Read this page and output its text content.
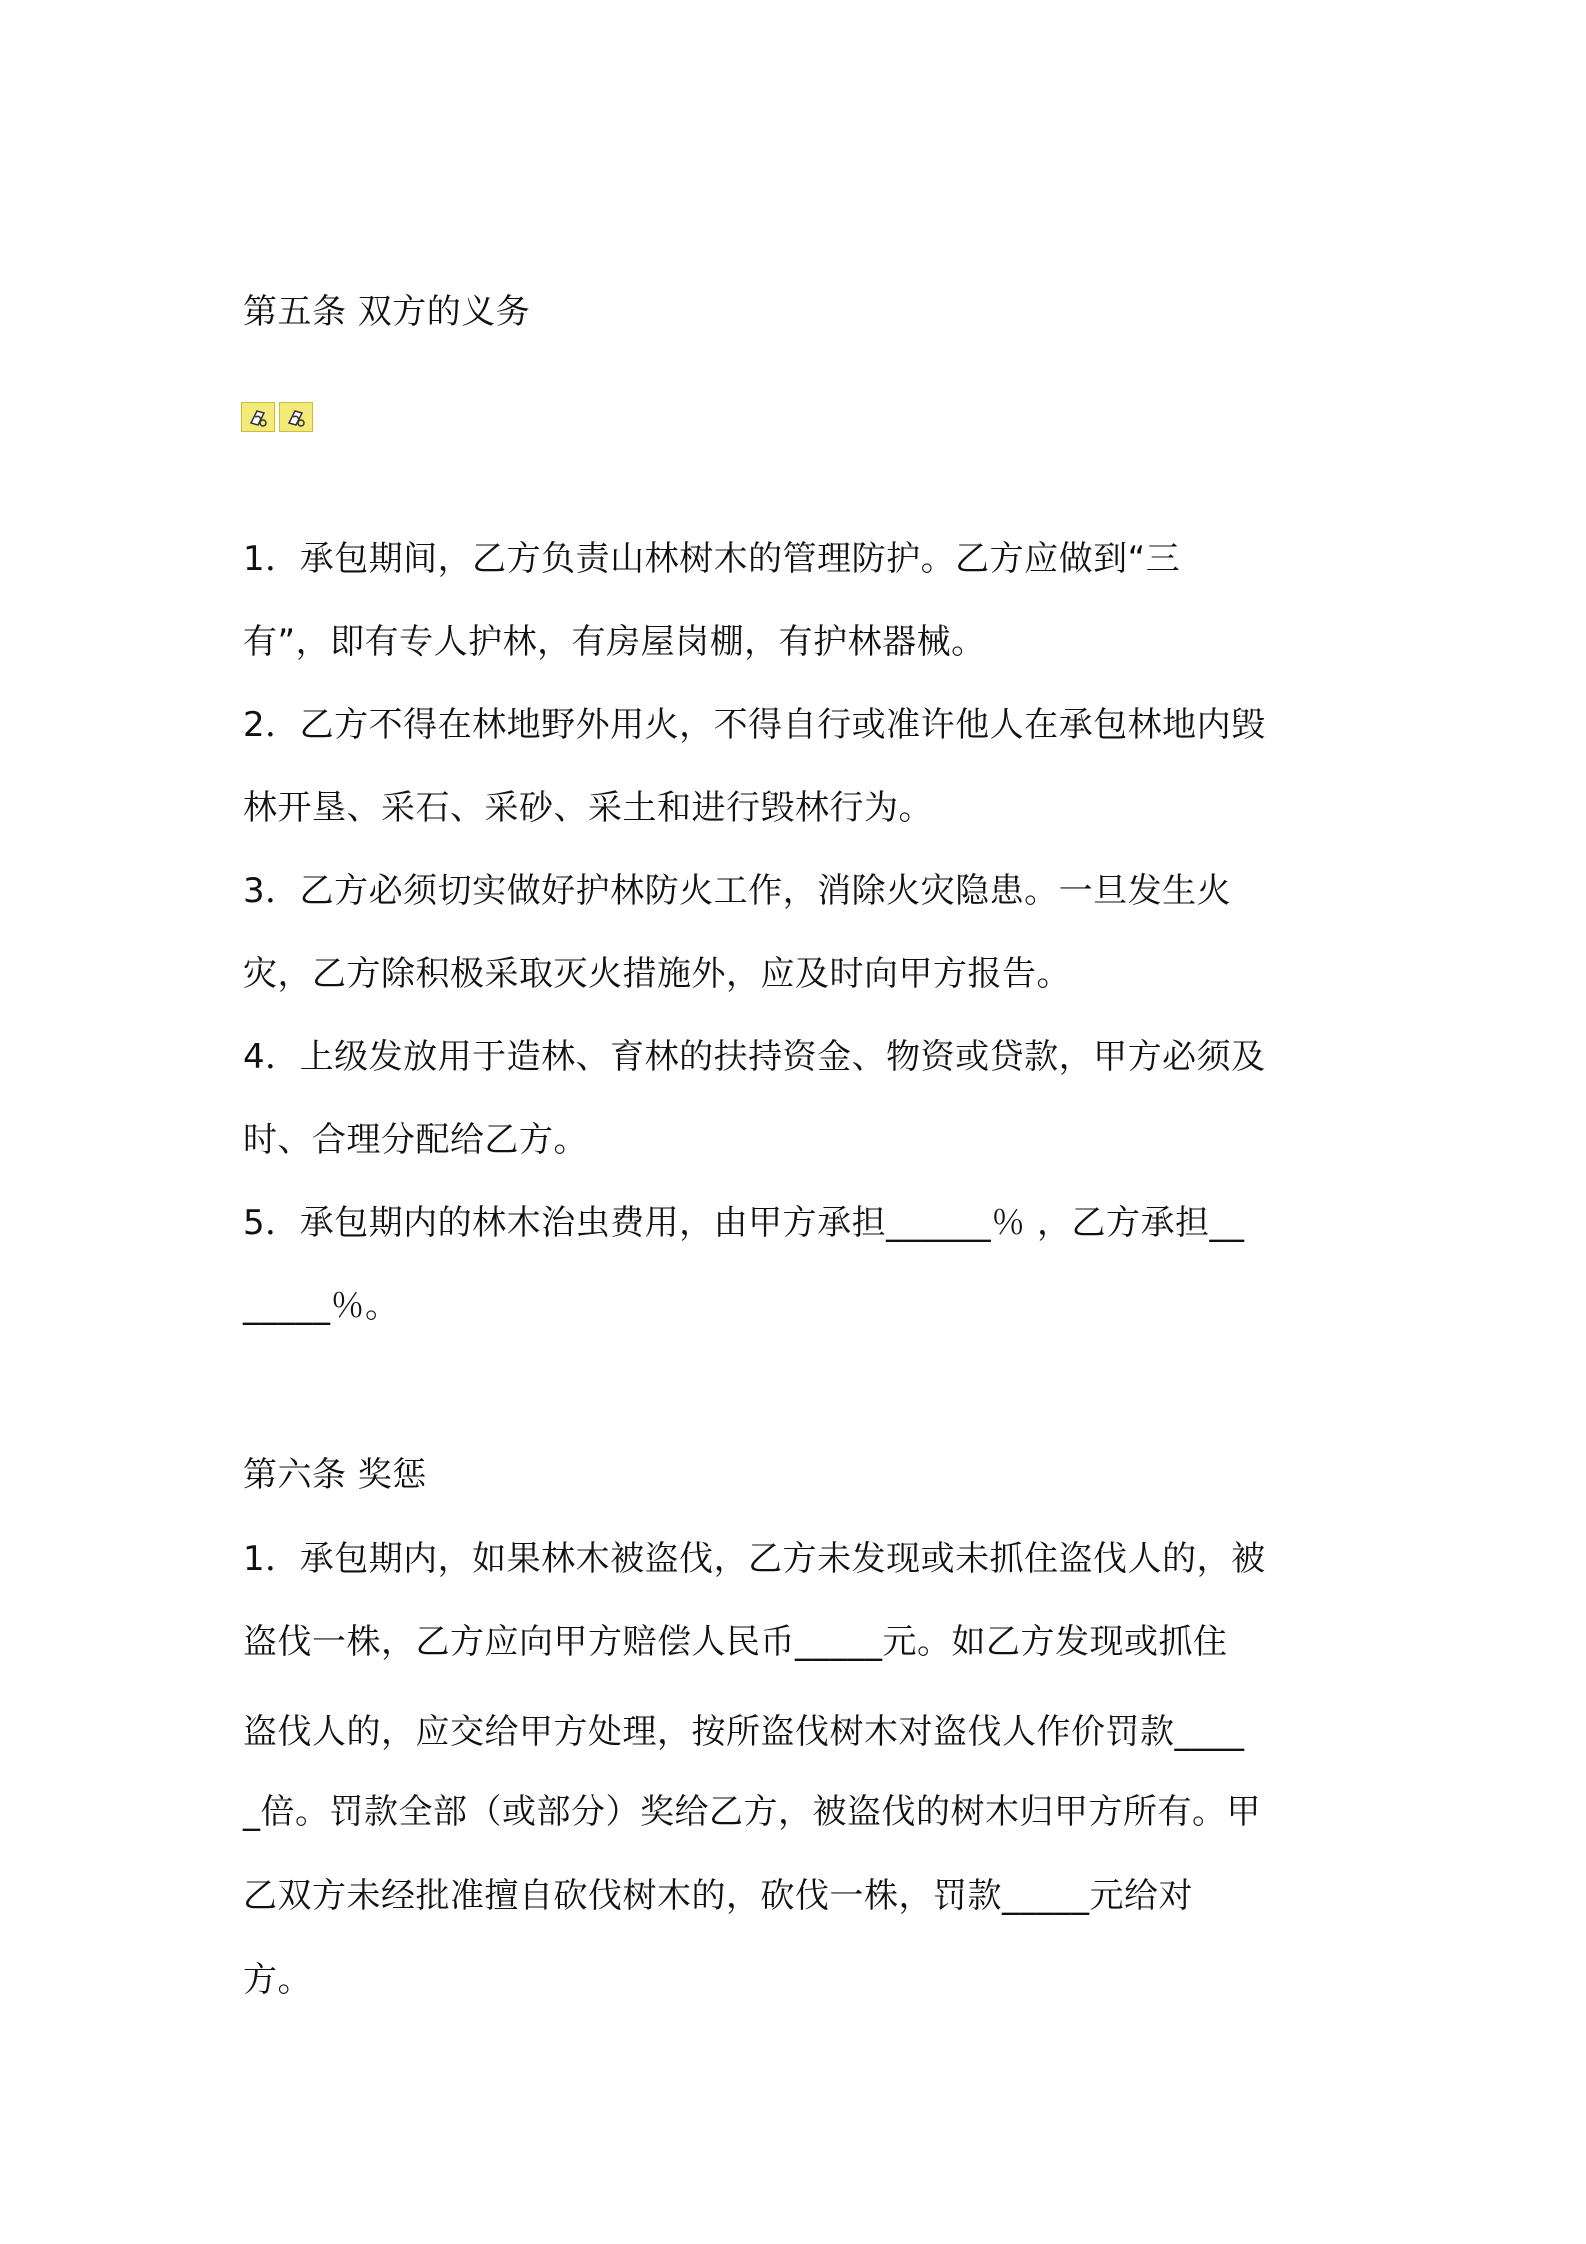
第五条 双方的义务
1．承包期间，乙方负责山林树木的管理防护。乙方应做到“三
有”，即有专人护林，有房屋岗棚，有护林器械。
2．乙方不得在林地野外用火，不得自行或准许他人在承包林地内毁
林开垦、采石、采砂、采土和进行毁林行为。
3．乙方必须切实做好护林防火工作，消除火灾隐患。一旦发生火
灾，乙方除积极采取灭火措施外，应及时向甲方报告。
4．上级发放用于造林、育林的扶持资金、物资或贷款，甲方必须及
时、合理分配给乙方。
5．承包期内的林木治虫费用，由甲方承担______％ ，乙方承担__
_____％。
第六条 奖惩
1．承包期内，如果林木被盗伐，乙方未发现或未抓住盗伐人的，被
盗伐一株，乙方应向甲方赔偿人民币_____元。如乙方发现或抓住
盗伐人的，应交给甲方处理，按所盗伐树木对盗伐人作价罚款____
_倍。罚款全部（或部分）奖给乙方，被盗伐的树木归甲方所有。甲
乙双方未经批准擅自砍伐树木的，砍伐一株，罚款_____元给对
方。
